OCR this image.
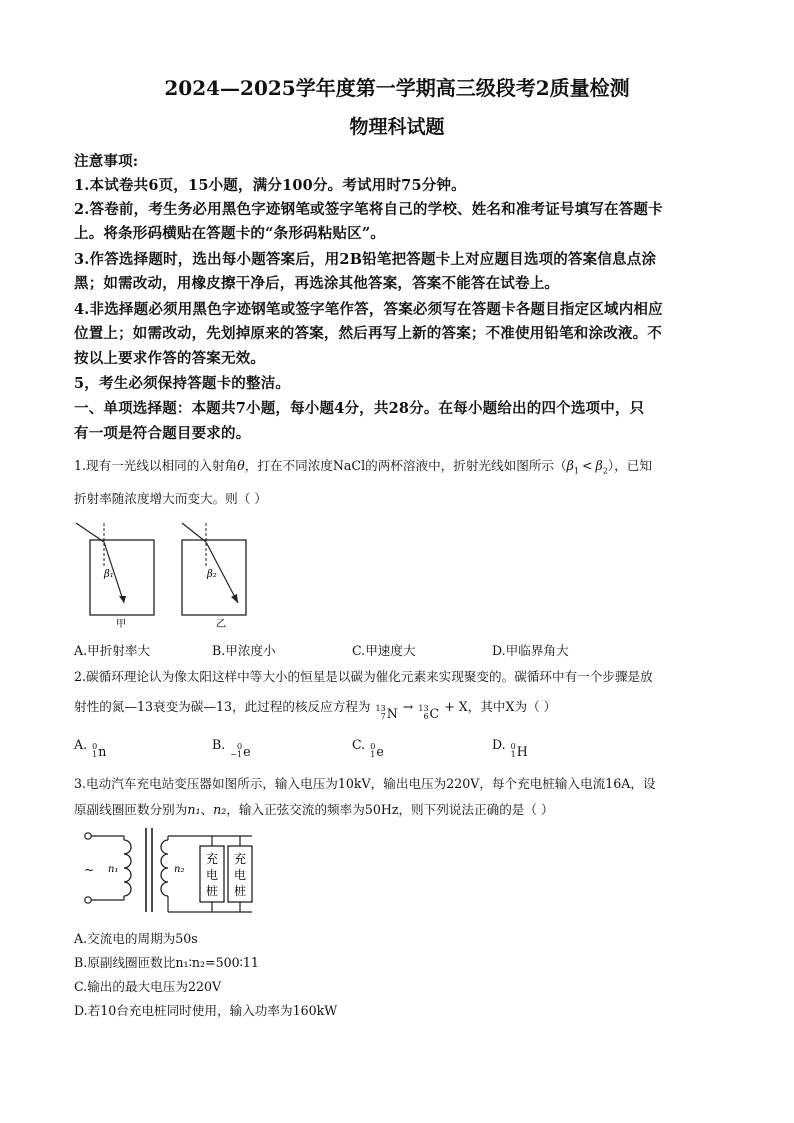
2024—2025学年度第一学期高三级段考2质量检测
物理科试题
注意事项:
1.本试卷共6页，15小题，满分100分。考试用时75分钟。
2.答卷前，考生务必用黑色字迹钢笔或签字笔将自己的学校、姓名和准考证号填写在答题卡
上。将条形码横贴在答题卡的“条形码粘贴区”。
3.作答选择题时，选出每小题答案后，用2B铅笔把答题卡上对应题目选项的答案信息点涂
黑；如需改动，用橡皮擦干净后，再选涂其他答案，答案不能答在试卷上。
4.非选择题必须用黑色字迹钢笔或签字笔作答，答案必须写在答题卡各题目指定区域内相应
位置上；如需改动，先划掉原来的答案，然后再写上新的答案；不准使用铅笔和涂改液。不
按以上要求作答的答案无效。
5，考生必须保持答题卡的整洁。
一、单项选择题：本题共7小题，每小题4分，共28分。在每小题给出的四个选项中，只
有一项是符合题目要求的。
1.现有一光线以相同的入射角θ，打在不同浓度NaCl的两杯溶液中，折射光线如图所示$(\beta_1 < \beta_2)$，已知
折射率随浓度增大而变大。则（ ）
β₁
甲
β₂
乙
A.甲折射率大	B.甲浓度小	C.甲速度大	D.甲临界角大
2.碳循环理论认为像太阳这样中等大小的恒星是以碳为催化元素来实现聚变的。碳循环中有一个步骤是放
射性的氮—13衰变为碳—13，此过程的核反应方程为 13
7 N → 13
6 C + X，其中X为（ ）
A. 0
1 n	B.	0
−1 e	C. 0
1 e	D. 0
1 H
3.电动汽车充电站变压器如图所示，输入电压为10kV，输出电压为220V，每个充电桩输入电流16A，设
原副线圈匝数分别为n₁、n₂，输入正弦交流的频率为50Hz，则下列说法正确的是（ ）
~ n₁	n₂
充
电
桩
充
电
桩
A.交流电的周期为50s
B.原副线圈匝数比n₁∶n₂=500∶11
C.输出的最大电压为220V
D.若10台充电桩同时使用，输入功率为160kW
